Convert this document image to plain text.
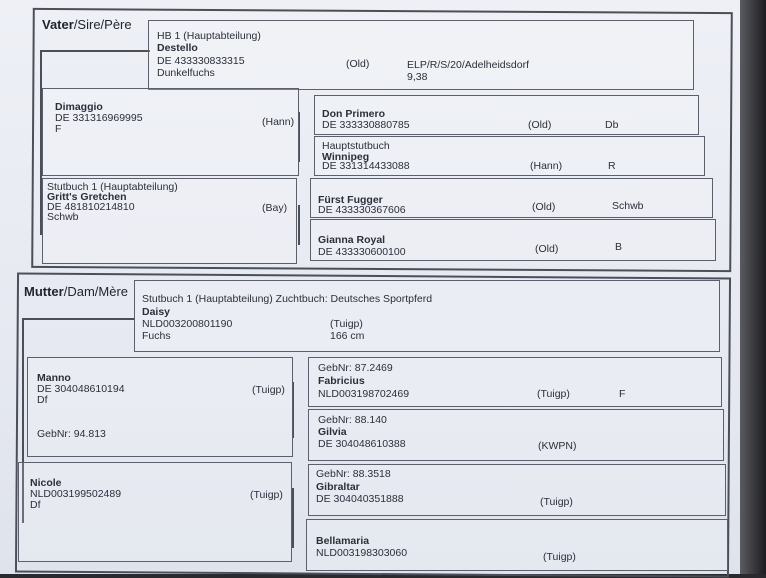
Vater/Sire/Père
HB 1 (Hauptabteilung)
Destello
DE 433330833315
Dunkelfuchs
(Old)	ELP/R/S/20/Adelheidsdorf
9,38
Dimaggio
DE 331316969995
F
(Hann)
Don Primero
DE 333330880785	(Old)	Db
Hauptstutbuch
Winnipeg
DE 331314433088	(Hann)	R
Stutbuch 1 (Hauptabteilung)
Gritt's Gretchen
DE 481810214810
Schwb
(Bay)
Fürst Fugger
DE 433330367606	(Old)	Schwb
Gianna Royal
DE 433330600100	(Old)	B
Mutter/Dam/Mère Stutbuch 1 (Hauptabteilung) Zuchtbuch: Deutsches Sportpferd
Daisy
NLD003200801190
Fuchs
(Tuigp)
166 cm
Manno
DE 304048610194
Df
(Tuigp)
GebNr: 94.813
GebNr: 87.2469
Fabricius
NLD003198702469	(Tuigp)	F
GebNr: 88.140
Gilvia
DE 304048610388	(KWPN)
Nicole
NLD003199502489
Df
(Tuigp)
GebNr: 88.3518
Gibraltar
DE 304040351888	(Tuigp)
Bellamaria
NLD003198303060	(Tuigp)
